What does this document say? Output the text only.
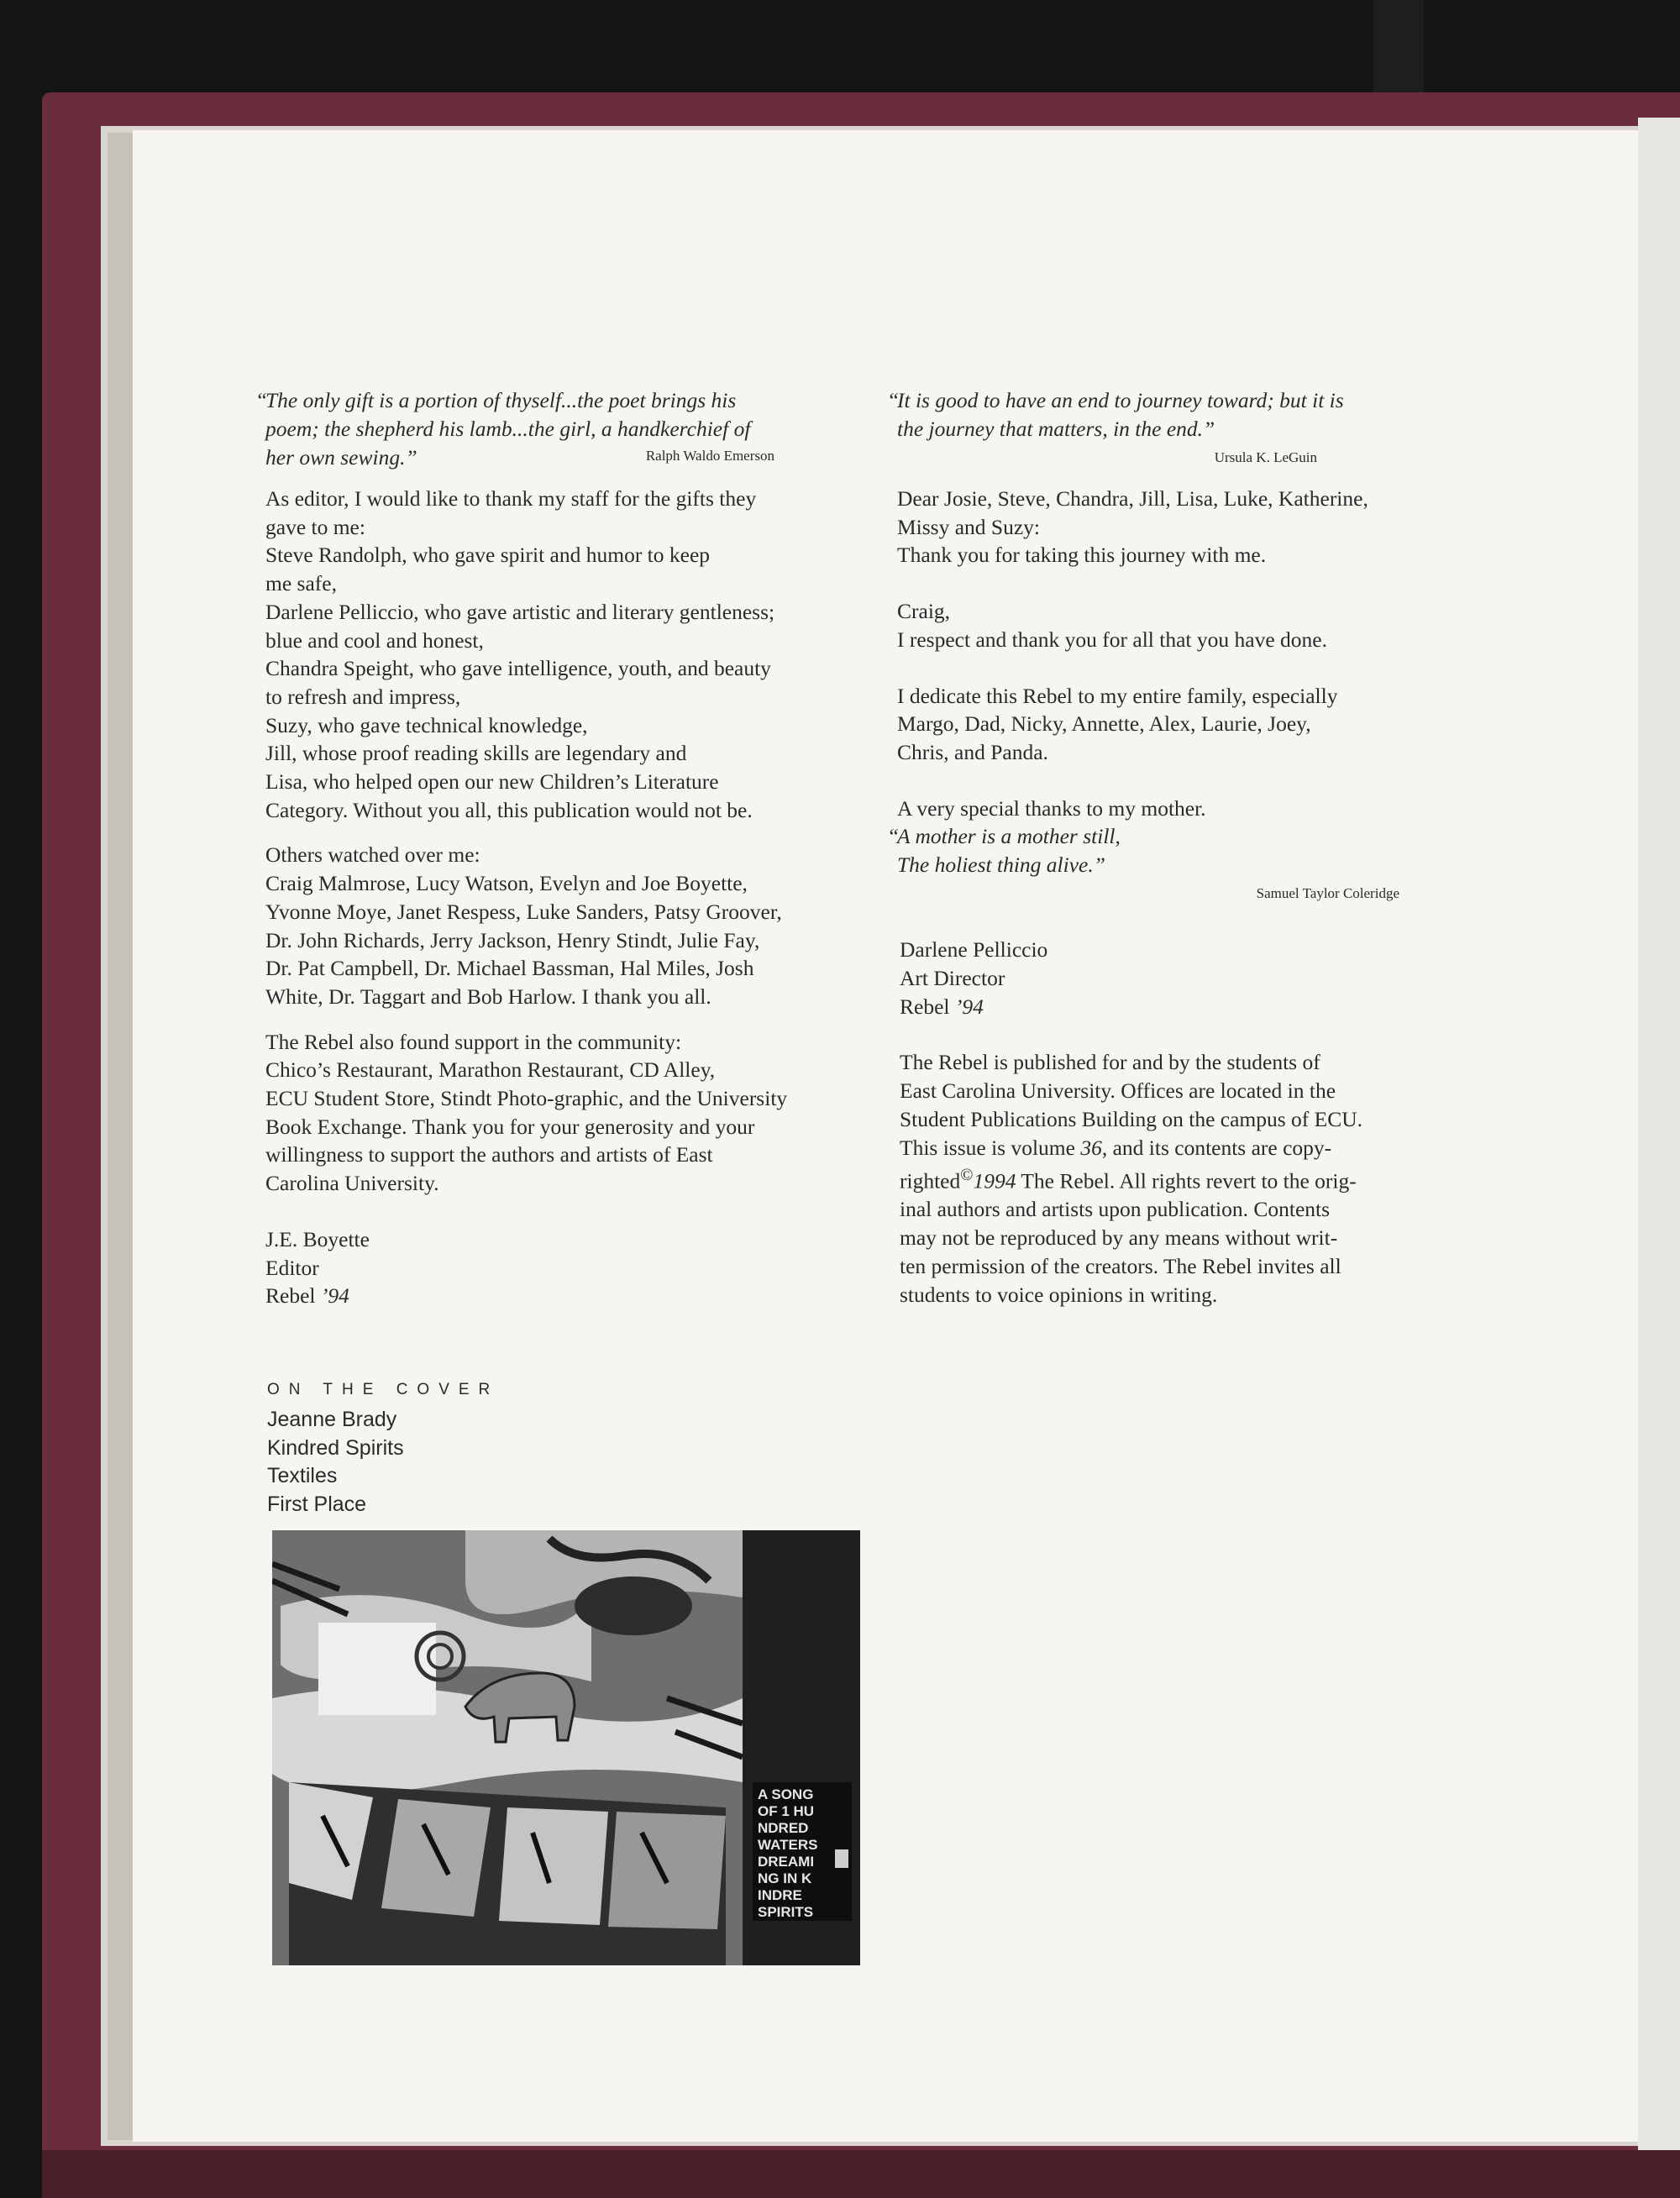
“
The only gift is a portion of thyself...the poet brings his
poem; the shepherd his lamb...the girl, a handkerchief of
her own sewing.”	Ralph Waldo Emerson
As editor, I would like to thank my staff for the gifts they
gave to me:
Steve Randolph, who gave spirit and humor to keep
me safe,
Darlene Pelliccio, who gave artistic and literary gentleness;
blue and cool and honest,
Chandra Speight, who gave intelligence, youth, and beauty
to refresh and impress,
Suzy, who gave technical knowledge,
Jill, whose proof reading skills are legendary and
Lisa, who helped open our new Children’s Literature
Category. Without you all, this publication would not be.
Others watched over me:
Craig Malmrose, Lucy Watson, Evelyn and Joe Boyette,
Yvonne Moye, Janet Respess, Luke Sanders, Patsy Groover,
Dr. John Richards, Jerry Jackson, Henry Stindt, Julie Fay,
Dr. Pat Campbell, Dr. Michael Bassman, Hal Miles, Josh
White, Dr. Taggart and Bob Harlow. I thank you all.
The Rebel also found support in the community:
Chico’s Restaurant, Marathon Restaurant, CD Alley,
ECU Student Store, Stindt Photo-graphic, and the University
Book Exchange. Thank you for your generosity and your
willingness to support the authors and artists of East
Carolina University.
J.E. Boyette
Editor
Rebel ’94
ON THE COVER
Jeanne Brady
Kindred Spirits
Textiles
First Place
A SONG
OF 1 HU
NDRED
WATERS
DREAMI
NG IN K
INDRE
SPIRITS
“
It is good to have an end to journey toward; but it is
the journey that matters, in the end.”
Ursula K. LeGuin
Dear Josie, Steve, Chandra, Jill, Lisa, Luke, Katherine,
Missy and Suzy:
Thank you for taking this journey with me.
Craig,
I respect and thank you for all that you have done.
I dedicate this Rebel to my entire family, especially
Margo, Dad, Nicky, Annette, Alex, Laurie, Joey,
Chris, and Panda.
A very special thanks to my mother.
“
A mother is a mother still,
The holiest thing alive.”
Samuel Taylor Coleridge
Darlene Pelliccio
Art Director
Rebel ’94
The Rebel is published for and by the students of
East Carolina University. Offices are located in the
Student Publications Building on the campus of ECU.
This issue is volume 36, and its contents are copy-
righted©1994 The Rebel. All rights revert to the orig-
inal authors and artists upon publication. Contents
may not be reproduced by any means without writ-
ten permission of the creators. The Rebel invites all
students to voice opinions in writing.
